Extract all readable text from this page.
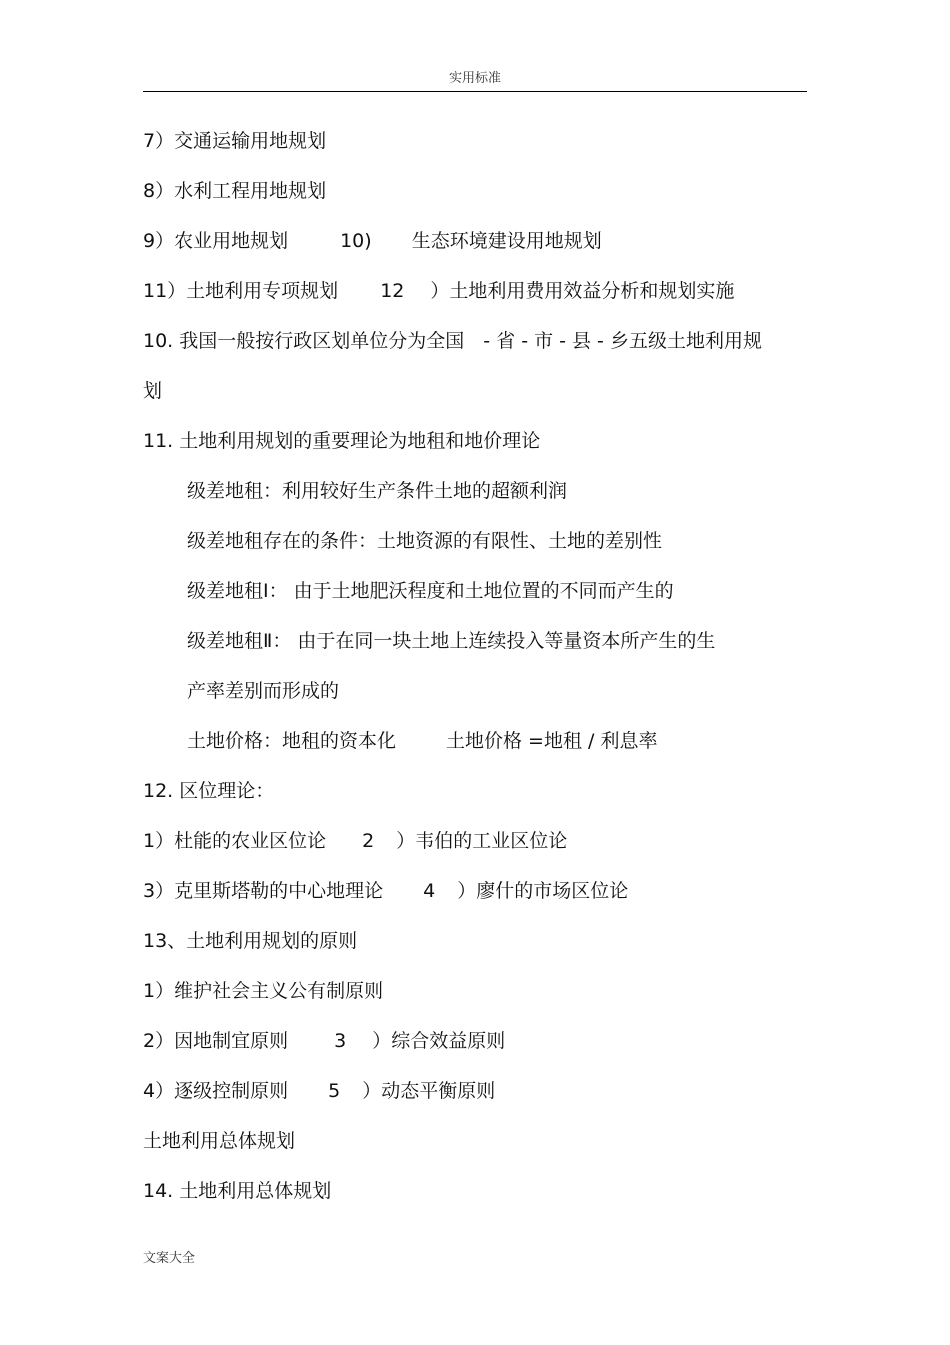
实用标准
7）交通运输用地规划
8）水利工程用地规划
9）农业用地规划	10) 生态环境建设用地规划
11）土地利用专项规划 12 ）土地利用费用效益分析和规划实施
10. 我国一般按行政区划单位分为全国　- 省 - 市 - 县 - 乡五级土地利用规
划
11. 土地利用规划的重要理论为地租和地价理论
级差地租：利用较好生产条件土地的超额利润
级差地租存在的条件：土地资源的有限性、土地的差别性
级差地租Ⅰ： 由于土地肥沃程度和土地位置的不同而产生的
级差地租Ⅱ： 由于在同一块土地上连续投入等量资本所产生的生
产率差别而形成的
土地价格：地租的资本化	土地价格 =地租 / 利息率
12. 区位理论：
1）杜能的农业区位论 2 ）韦伯的工业区位论
3）克里斯塔勒的中心地理论 4 ）廖什的市场区位论
13、土地利用规划的原则
1）维护社会主义公有制原则
2）因地制宜原则 3 ）综合效益原则
4）逐级控制原则 5 ）动态平衡原则
土地利用总体规划
14. 土地利用总体规划
文案大全
